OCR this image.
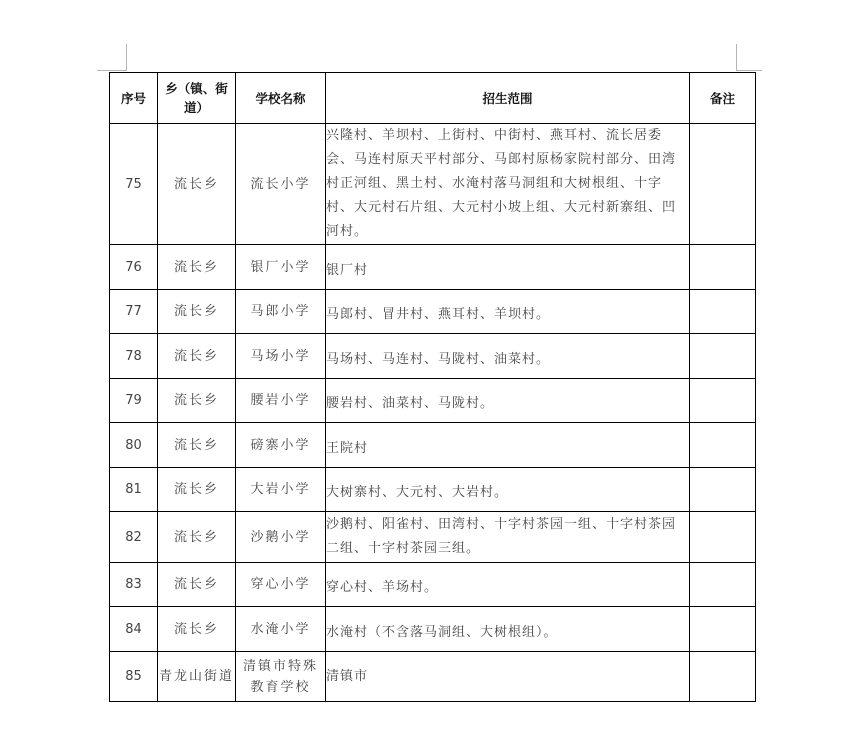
序号	乡（镇、街道）	学校名称	招生范围	备注
75	流长乡	流长小学	兴隆村、羊坝村、上街村、中街村、燕耳村、流长居委会、马连村原天平村部分、马郎村原杨家院村部分、田湾村正河组、黑土村、水淹村落马洞组和大树根组、十字村、大元村石片组、大元村小坡上组、大元村新寨组、凹河村。	
76	流长乡	银厂小学	银厂村	
77	流长乡	马郎小学	马郎村、冒井村、燕耳村、羊坝村。	
78	流长乡	马场小学	马场村、马连村、马陇村、油菜村。	
79	流长乡	腰岩小学	腰岩村、油菜村、马陇村。	
80	流长乡	磅寨小学	王院村	
81	流长乡	大岩小学	大树寨村、大元村、大岩村。	
82	流长乡	沙鹅小学	沙鹅村、阳雀村、田湾村、十字村茶园一组、十字村茶园二组、十字村茶园三组。	
83	流长乡	穿心小学	穿心村、羊场村。	
84	流长乡	水淹小学	水淹村（不含落马洞组、大树根组）。	
85	青龙山街道	清镇市特殊教育学校	清镇市	
